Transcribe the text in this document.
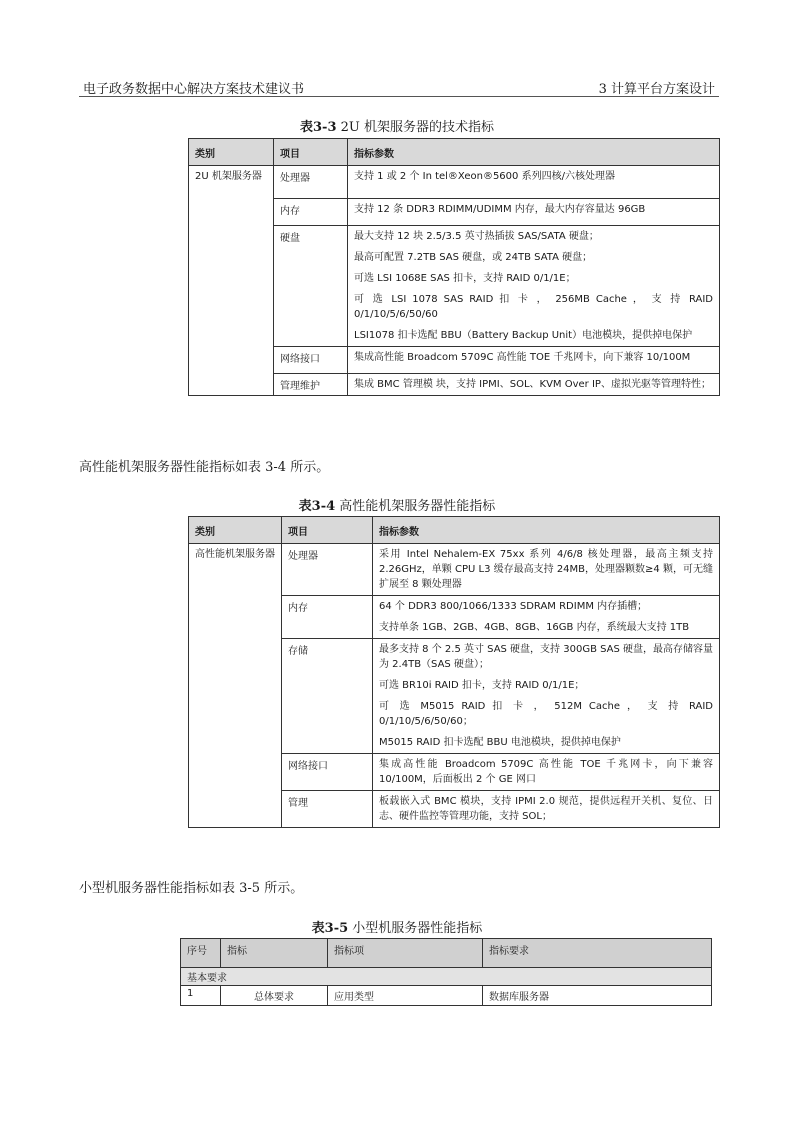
电子政务数据中心解决方案技术建议书	3 计算平台方案设计
表3-3 2U 机架服务器的技术指标
类别	项目	指标参数
2U 机架服务器	处理器	支持 1 或 2 个 In tel®Xeon®5600 系列四核/六核处理器

	内存	支持 12 条 DDR3 RDIMM/UDIMM 内存，最大内存容量达 96GB

	硬盘	最大支持 12 块 2.5/3.5 英寸热插拔 SAS/SATA 硬盘；

最高可配置 7.2TB SAS 硬盘，或 24TB SATA 硬盘；

可选 LSI 1068E SAS 扣卡，支持 RAID 0/1/1E；

可 选 LSI 1078 SAS RAID 扣 卡 ， 256MB Cache ， 支 持 RAID 0/1/10/5/6/50/60

LSI1078 扣卡选配 BBU（Battery Backup Unit）电池模块，提供掉电保护

	网络接口	集成高性能 Broadcom 5709C 高性能 TOE 千兆网卡，向下兼容 10/100M

	管理维护	集成 BMC 管理模 块，支持 IPMI、SOL、KVM Over IP、虚拟光驱等管理特性；

高性能机架服务器性能指标如表 3-4 所示。
表3-4 高性能机架服务器性能指标
类别	项目	指标参数
高性能机架服务器	处理器	采用 Intel Nehalem-EX 75xx 系列 4/6/8 核处理器，最高主频支持 2.26GHz，单颗 CPU L3 缓存最高支持 24MB，处理器颗数≥4 颗，可无缝扩展至 8 颗处理器

	内存	64 个 DDR3 800/1066/1333 SDRAM RDIMM 内存插槽；

支持单条 1GB、2GB、4GB、8GB、16GB 内存，系统最大支持 1TB

	存储	最多支持 8 个 2.5 英寸 SAS 硬盘，支持 300GB SAS 硬盘，最高存储容量为 2.4TB（SAS 硬盘）；

可选 BR10i RAID 扣卡，支持 RAID 0/1/1E；

可 选 M5015 RAID 扣 卡 ， 512M Cache ， 支 持 RAID 0/1/10/5/6/50/60；

M5015 RAID 扣卡选配 BBU 电池模块，提供掉电保护

	网络接口	集成高性能 Broadcom 5709C 高性能 TOE 千兆网卡，向下兼容 10/100M，后面板出 2 个 GE 网口

	管理	板载嵌入式 BMC 模块，支持 IPMI 2.0 规范，提供远程开关机、复位、日志、硬件监控等管理功能，支持 SOL；

小型机服务器性能指标如表 3-5 所示。
表3-5 小型机服务器性能指标
序号	指标	指标项	指标要求
基本要求			
1	总体要求	应用类型	数据库服务器
